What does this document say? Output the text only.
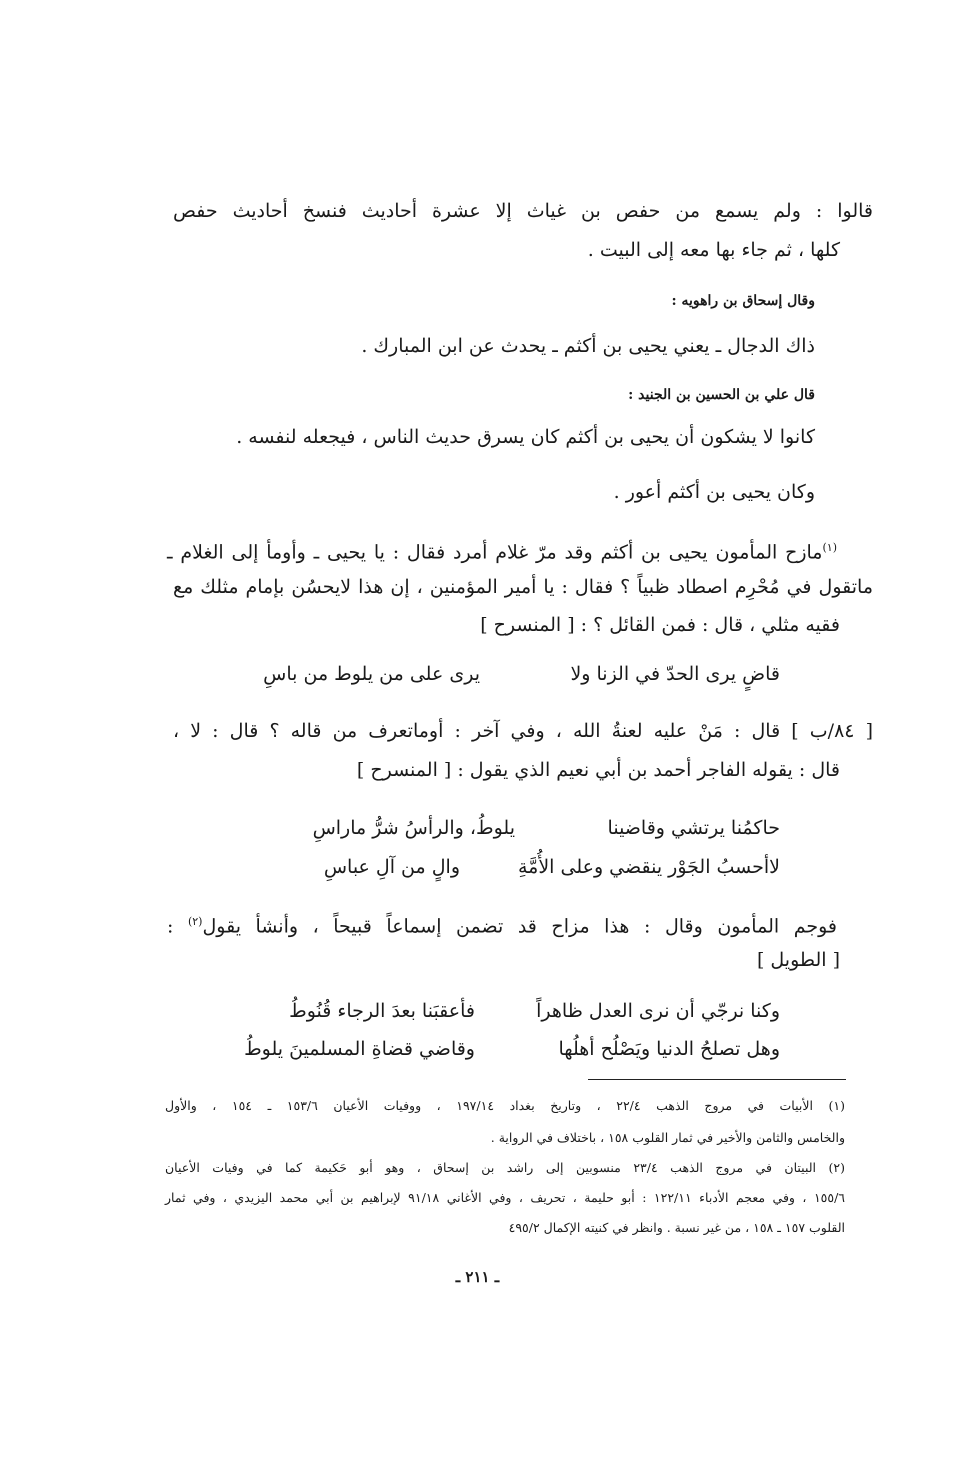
قالوا : ولم يسمع من حفص بن غياث إلا عشرة أحاديث فنسخ أحاديث حفص
كلها ، ثم جاء بها معه إلى البيت .
وقال إسحاق بن راهويه :
ذاك الدجال ـ يعني يحيى بن أكثم ـ يحدث عن ابن المبارك .
قال علي بن الحسين بن الجنيد :
كانوا لا يشكون أن يحيى بن أكثم كان يسرق حديث الناس ، فيجعله لنفسه .
وكان يحيى بن أكثم أعور .
$^{(١)}$مازح المأمون يحيى بن أكثم وقد مرّ غلام أمرد فقال : يا يحيى ـ وأومأ إلى الغلام ـ
ماتقول في مُحْرِم اصطاد ظبياً ؟ فقال : يا أمير المؤمنين ، إن هذا لايحسُن بإمام مثلك مع
فقيه مثلي ، قال : فمن القائل ؟ : [ المنسرح ]
قاضٍ يرى الحدّ في الزنا ولا
يرى على من يلوط من باسِ
[ ٨٤/ب ] قال : مَنْ عليه لعنةُ الله ، وفي آخر : أوماتعرف من قاله ؟ قال : لا ،
قال : يقوله الفاجر أحمد بن أبي نعيم الذي يقول : [ المنسرح ]
حاكمُنا يرتشي وقاضينا
يلوطُ، والرأسُ شرُّ ماراسِ
لاأحسبُ الجَوْر ينقضي وعلى الأُمَّةِ
والٍ من آلِ عباسِ
فوجم المأمون وقال : هذا مزاح قد تضمن إسماعاً قبيحاً ، وأنشأ يقول$^{(٢)}$ :
[ الطويل ]
وكنا نرجّي أن نرى العدل ظاهراً
فأعقبَنا بعدَ الرجاء قُنُوطُ
وهل تصلحُ الدنيا ويَصْلُح أهلُها
وقاضي قضاةِ المسلمينَ يلوطُ
(١) الأبيات في مروج الذهب ٢٢/٤ ، وتاريخ بغداد ١٩٧/١٤ ، ووفيات الأعيان ١٥٣/٦ ـ ١٥٤ ، والأول
والخامس والثامن والأخير في ثمار القلوب ١٥٨ ، باختلاف في الرواية .
(٢) البيتان في مروج الذهب ٢٣/٤ منسوبين إلى راشد بن إسحاق ، وهو أبو حَكيمة كما في وفيات الأعيان
١٥٥/٦ ، وفي معجم الأدباء ١٢٢/١١ : أبو حليمة ، تحريف ، وفي الأغاني ٩١/١٨ لإبراهيم بن أبي محمد اليزيدي ، وفي ثمار
القلوب ١٥٧ ـ ١٥٨ ، من غير نسبة . وانظر في كنيته الإكمال ٤٩٥/٢
ـ ٢١١ ـ
